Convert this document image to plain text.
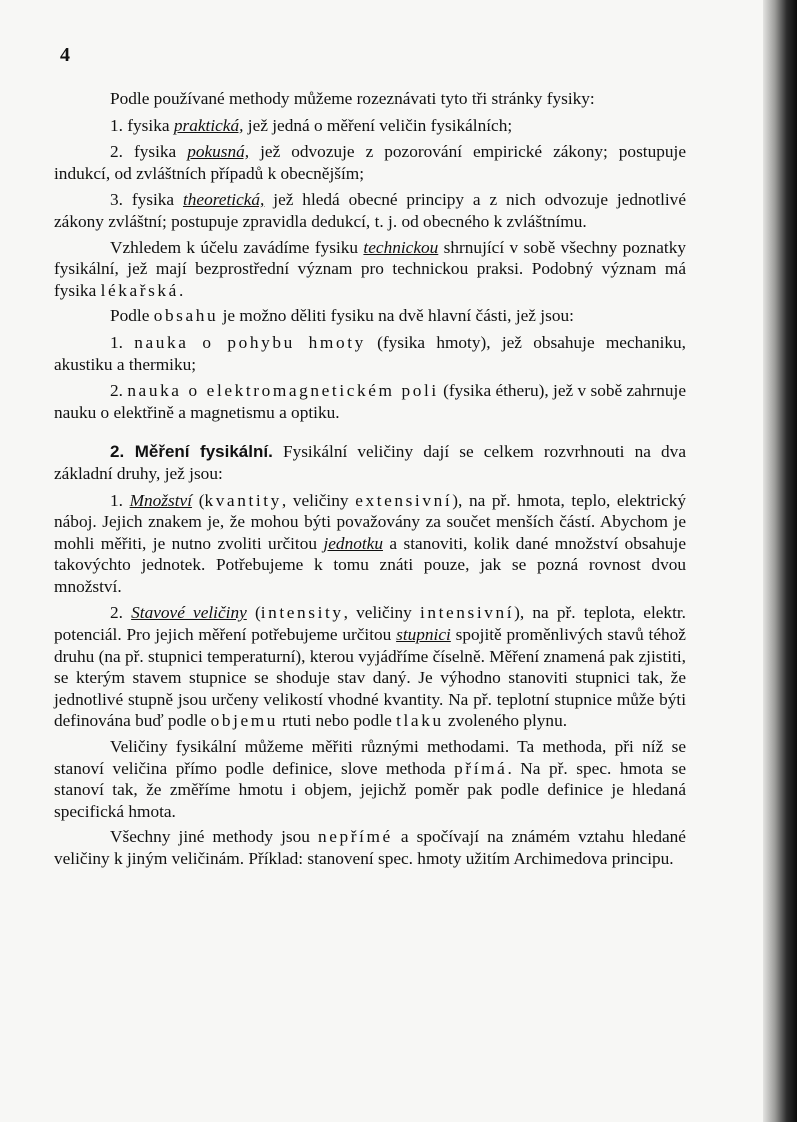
4

Podle používané methody můžeme rozeznávati tyto tři stránky fysiky:

1. fysika praktická, jež jedná o měření veličin fysikálních;

2. fysika pokusná, jež odvozuje z pozorování empirické zákony; postupuje indukcí, od zvláštních případů k obecnějším;

3. fysika theoretická, jež hledá obecné principy a z nich odvozuje jednotlivé zákony zvláštní; postupuje zpravidla dedukcí, t. j. od obecného k zvláštnímu.

Vzhledem k účelu zavádíme fysiku technickou shrnující v sobě všechny poznatky fysikální, jež mají bezprostřední význam pro technickou praksi. Podobný význam má fysika lékařská.

Podle obsahu je možno děliti fysiku na dvě hlavní části, jež jsou:

1. nauka o pohybu hmoty (fysika hmoty), jež obsahuje mechaniku, akustiku a thermiku;

2. nauka o elektromagnetickém poli (fysika étheru), jež v sobě zahrnuje nauku o elektřině a magnetismu a optiku.

2. Měření fysikální. Fysikální veličiny dají se celkem rozvrhnouti na dva základní druhy, jež jsou:

1. Množství (kvantity, veličiny extensivní), na př. hmota, teplo, elektrický náboj. Jejich znakem je, že mohou býti považovány za součet menších částí. Abychom je mohli měřiti, je nutno zvoliti určitou jednotku a stanoviti, kolik dané množství obsahuje takovýchto jednotek. Potřebujeme k tomu znáti pouze, jak se pozná rovnost dvou množství.

2. Stavové veličiny (intensity, veličiny intensivní), na př. teplota, elektr. potenciál. Pro jejich měření potřebujeme určitou stupnici spojitě proměnlivých stavů téhož druhu (na př. stupnici temperaturní), kterou vyjádříme číselně. Měření znamená pak zjistiti, se kterým stavem stupnice se shoduje stav daný. Je výhodno stanoviti stupnici tak, že jednotlivé stupně jsou určeny velikostí vhodné kvantity. Na př. teplotní stupnice může býti definována buď podle objemu rtuti nebo podle tlaku zvoleného plynu.

Veličiny fysikální můžeme měřiti různými methodami. Ta methoda, při níž se stanoví veličina přímo podle definice, slove methoda přímá. Na př. spec. hmota se stanoví tak, že změříme hmotu i objem, jejichž poměr pak podle definice je hledaná specifická hmota.

Všechny jiné methody jsou nepřímé a spočívají na známém vztahu hledané veličiny k jiným veličinám. Příklad: stanovení spec. hmoty užitím Archimedova principu.
